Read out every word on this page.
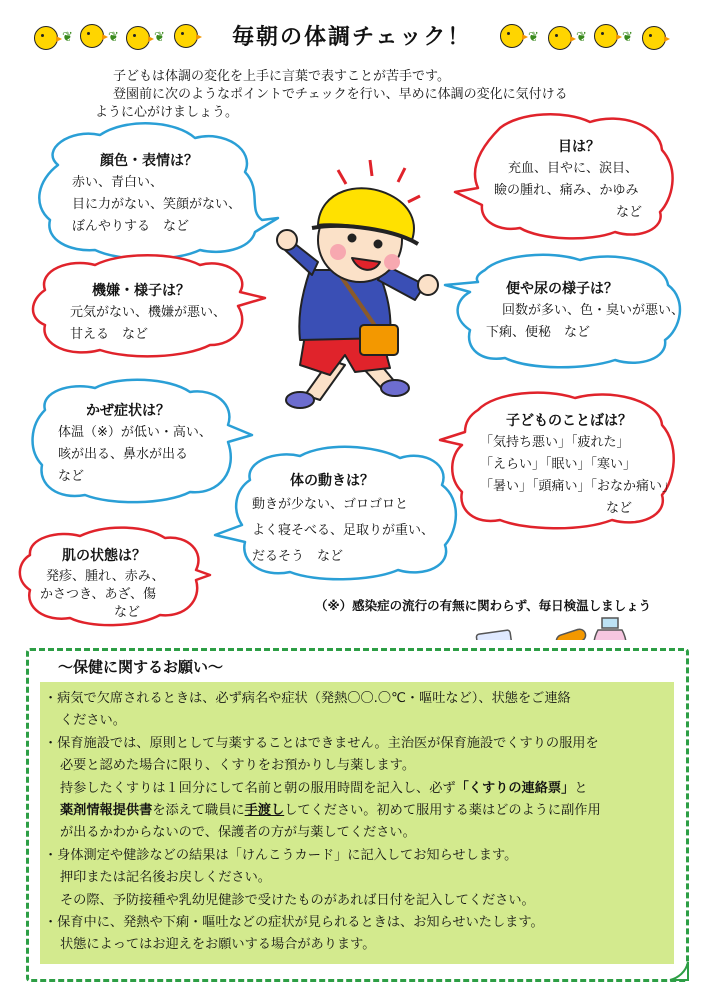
❦	❦	❦	毎朝の体調チェック！	❦	❦	❦

子どもは体調の変化を上手に言葉で表すことが苦手です。

登園前に次のようなポイントでチェックを行い、早めに体調の変化に気付ける

ように心がけましょう。

顔色・表情は？
赤い、青白い、
目に力がない、笑顔がない、
ぼんやりする　など
目は？
充血、目やに、涙目、
瞼の腫れ、痛み、かゆみ
など
機嫌・様子は？
元気がない、機嫌が悪い、
甘える　など
便や尿の様子は？
回数が多い、色・臭いが悪い、
下痢、便秘　など
かぜ症状は？
体温（※）が低い・高い、
咳が出る、鼻水が出る
など
子どものことばは？
「気持ち悪い」「疲れた」
「えらい」「眠い」「寒い」
「暑い」「頭痛い」「おなか痛い」
など
体の動きは？
動きが少ない、ゴロゴロと
よく寝そべる、足取りが重い、
だるそう　など
肌の状態は？
発疹、腫れ、赤み、
かさつき、あざ、傷
など	（※）感染症の流行の有無に関わらず、毎日検温しましょう
～保健に関するお願い～
・病気で欠席されるときは、必ず病名や症状（発熱〇〇.〇℃・嘔吐など）、状態をご連絡
ください。
・保育施設では、原則として与薬することはできません。主治医が保育施設でくすりの服用を
必要と認めた場合に限り、くすりをお預かりし与薬します。
持参したくすりは１回分にして名前と朝の服用時間を記入し、必ず「くすりの連絡票」と
薬剤情報提供書を添えて職員に手渡ししてください。初めて服用する薬はどのように副作用
が出るかわからないので、保護者の方が与薬してください。
・身体測定や健診などの結果は「けんこうカード」に記入してお知らせします。
押印または記名後お戻しください。
その際、予防接種や乳幼児健診で受けたものがあれば日付を記入してください。
・保育中に、発熱や下痢・嘔吐などの症状が見られるときは、お知らせいたします。
状態によってはお迎えをお願いする場合があります。
